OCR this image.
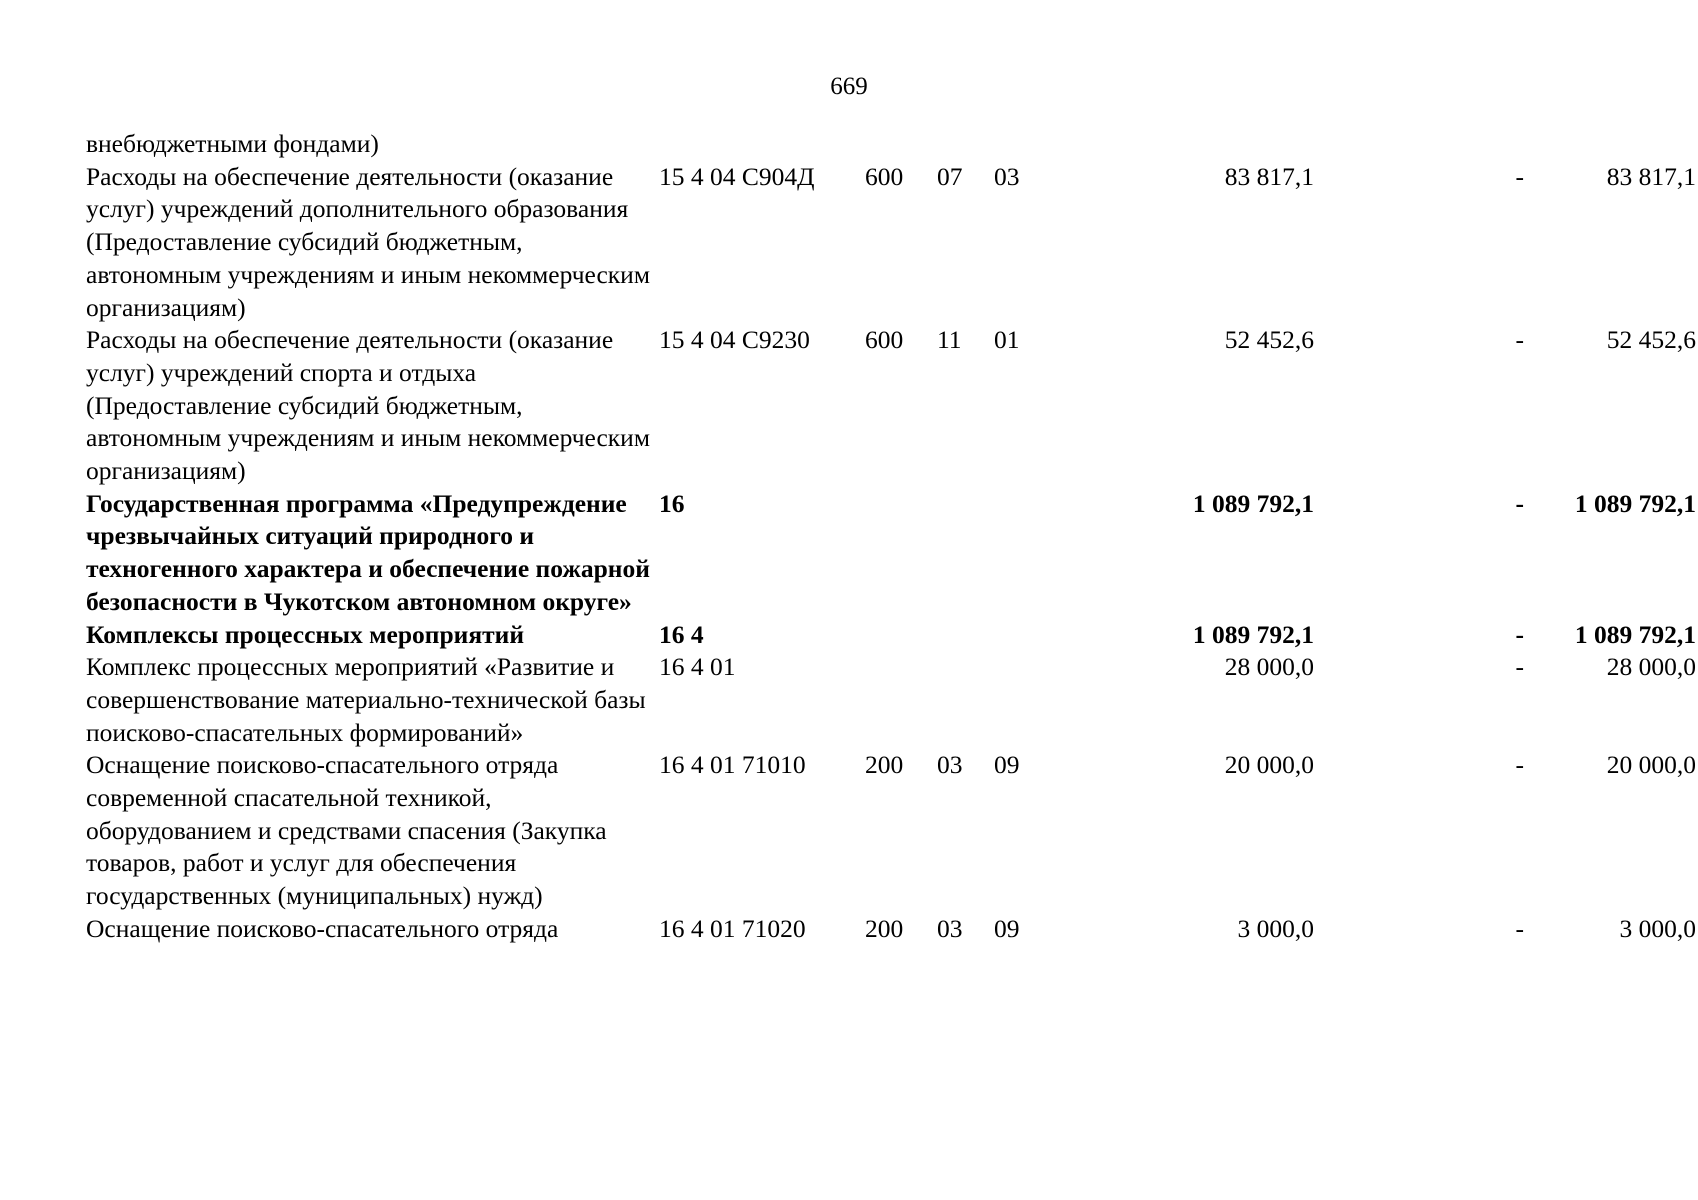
669
внебюджетными фондами)							
Расходы на обеспечение деятельности (оказание услуг) учреждений дополнительного образования (Предоставление субсидий бюджетным, автономным учреждениям и иным некоммерческим организациям)	15 4 04 С904Д	600	07	03	83 817,1	-	83 817,1
Расходы на обеспечение деятельности (оказание услуг) учреждений спорта и отдыха (Предоставление субсидий бюджетным, автономным учреждениям и иным некоммерческим организациям)	15 4 04 С9230	600	11	01	52 452,6	-	52 452,6
Государственная программа «Предупреждение чрезвычайных ситуаций природного и техногенного характера и обеспечение пожарной безопасности в Чукотском автономном округе»	16				1 089 792,1	-	1 089 792,1
Комплексы процессных мероприятий	16 4				1 089 792,1	-	1 089 792,1
Комплекс процессных мероприятий «Развитие и совершенствование материально-технической базы поисково-спасательных формирований»	16 4 01				28 000,0	-	28 000,0
Оснащение поисково-спасательного отряда современной спасательной техникой, оборудованием и средствами спасения (Закупка товаров, работ и услуг для обеспечения государственных (муниципальных) нужд)	16 4 01 71010	200	03	09	20 000,0	-	20 000,0
Оснащение поисково-спасательного отряда	16 4 01 71020	200	03	09	3 000,0	-	3 000,0
